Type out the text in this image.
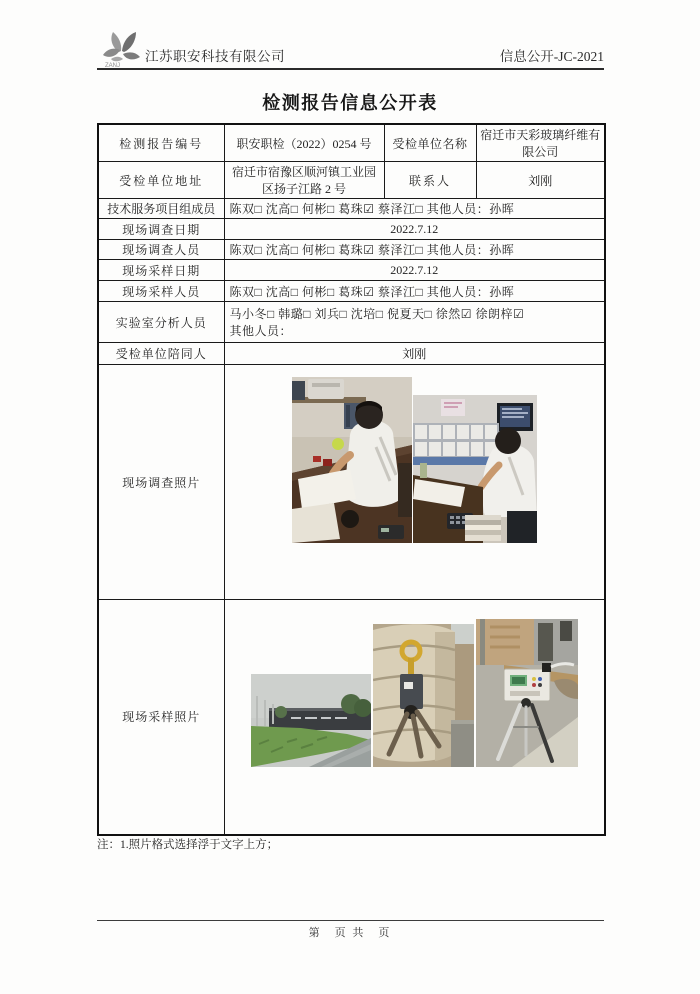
ZANJ
江苏职安科技有限公司	信息公开-JC-2021
检测报告信息公开表
检测报告编号	职安职检（2022）0254 号	受检单位名称	宿迁市天彩玻璃纤维有限公司
受检单位地址	宿迁市宿豫区顺河镇工业园区扬子江路 2 号	联系人	刘刚
技术服务项目组成员	陈双□ 沈高□ 何彬□ 葛珠☑ 蔡泽江□ 其他人员：孙晖		
现场调查日期	2022.7.12		
现场调查人员	陈双□ 沈高□ 何彬□ 葛珠☑ 蔡泽江□ 其他人员：孙晖		
现场采样日期	2022.7.12		
现场采样人员	陈双□ 沈高□ 何彬□ 葛珠☑ 蔡泽江□ 其他人员：孙晖		
实验室分析人员	马小冬□ 韩璐□ 刘兵□ 沈培□ 倪夏天□ 徐然☑ 徐朗梓☑
其他人员：		

受检单位陪同人	刘刚		
现场调查照片	

现场采样照片	
注：1.照片格式选择浮于文字上方；
第　页 共　页
